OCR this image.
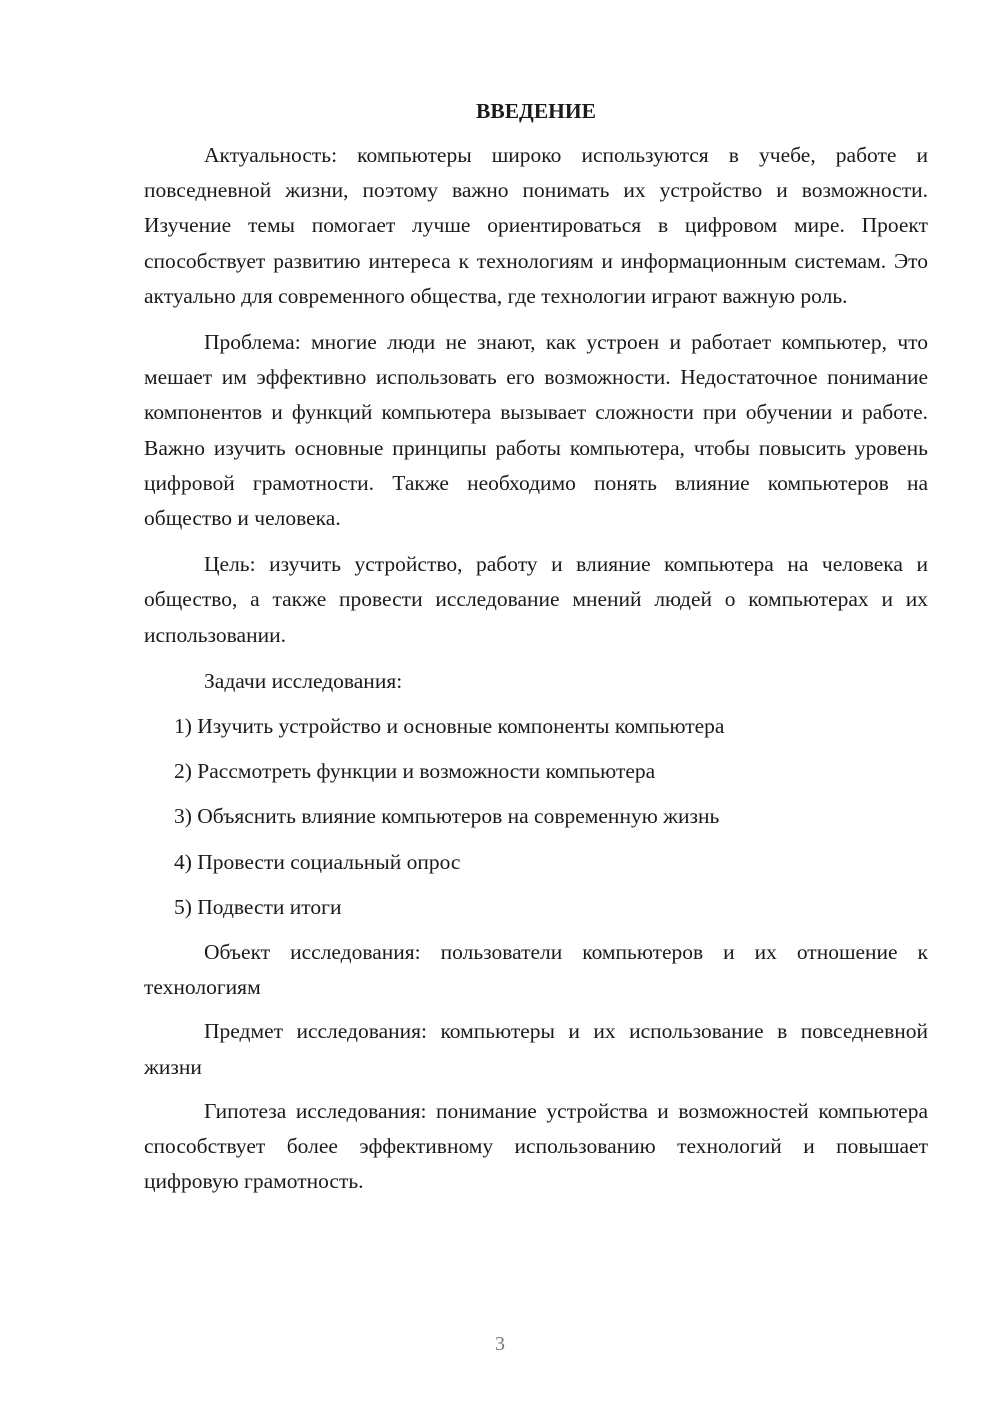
ВВЕДЕНИЕ

Актуальность: компьютеры широко используются в учебе, работе и повседневной жизни, поэтому важно понимать их устройство и возможности. Изучение темы помогает лучше ориентироваться в цифровом мире. Проект способствует развитию интереса к технологиям и информационным системам. Это актуально для современного общества, где технологии играют важную роль.

Проблема: многие люди не знают, как устроен и работает компьютер, что мешает им эффективно использовать его возможности. Недостаточное понимание компонентов и функций компьютера вызывает сложности при обучении и работе. Важно изучить основные принципы работы компьютера, чтобы повысить уровень цифровой грамотности. Также необходимо понять влияние компьютеров на общество и человека.

Цель: изучить устройство, работу и влияние компьютера на человека и общество, а также провести исследование мнений людей о компьютерах и их использовании.

Задачи исследования:
1) Изучить устройство и основные компоненты компьютера
2) Рассмотреть функции и возможности компьютера
3) Объяснить влияние компьютеров на современную жизнь
4) Провести социальный опрос
5) Подвести итоги

Объект исследования: пользователи компьютеров и их отношение к технологиям

Предмет исследования: компьютеры и их использование в повседневной жизни

Гипотеза исследования: понимание устройства и возможностей компьютера способствует более эффективному использованию технологий и повышает цифровую грамотность.

3
